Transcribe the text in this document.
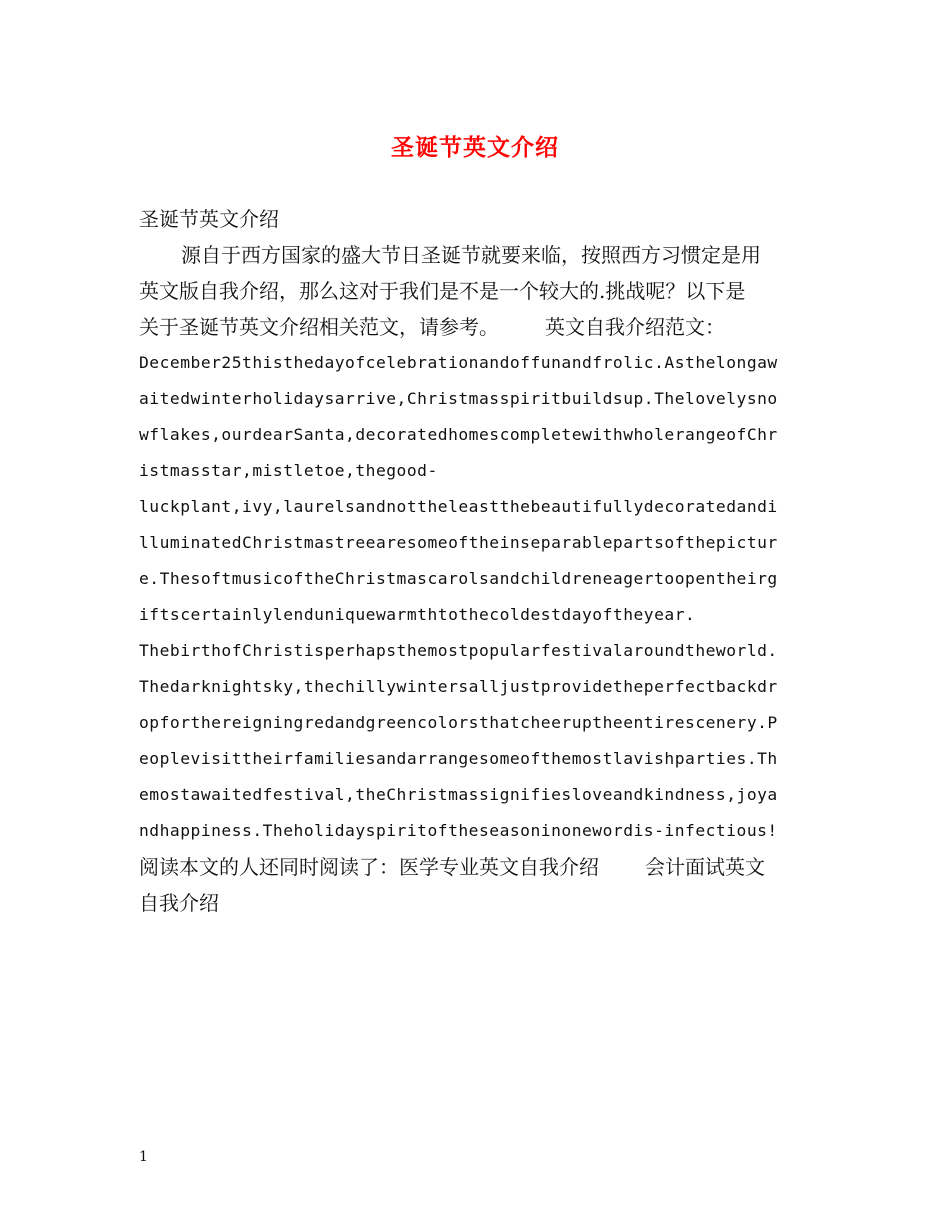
圣诞节英文介绍
圣诞节英文介绍
源自于西方国家的盛大节日圣诞节就要来临，按照西方习惯定是用
英文版自我介绍，那么这对于我们是不是一个较大的.挑战呢？以下是
关于圣诞节英文介绍相关范文，请参考。 英文自我介绍范文：
December25thisthedayofcelebrationandoffunandfrolic.Asthelongaw
aitedwinterholidaysarrive,Christmasspiritbuildsup.Thelovelysno
wflakes,ourdearSanta,decoratedhomescompletewithwholerangeofChr
istmasstar,mistletoe,thegood-
luckplant,ivy,laurelsandnottheleastthebeautifullydecoratedandi
lluminatedChristmastreearesomeoftheinseparablepartsofthepictur
e.ThesoftmusicoftheChristmascarolsandchildreneagertoopentheirg
iftscertainlylenduniquewarmthtothecoldestdayoftheyear.
ThebirthofChristisperhapsthemostpopularfestivalaroundtheworld.
Thedarknightsky,thechillywintersalljustprovidetheperfectbackdr
opforthereigningredandgreencolorsthatcheeruptheentirescenery.P
eoplevisittheirfamiliesandarrangesomeofthemostlavishparties.Th
emostawaitedfestival,theChristmassignifiesloveandkindness,joya
ndhappiness.Theholidayspiritoftheseasoninonewordis-infectious!
阅读本文的人还同时阅读了：医学专业英文自我介绍 会计面试英文
自我介绍
1
